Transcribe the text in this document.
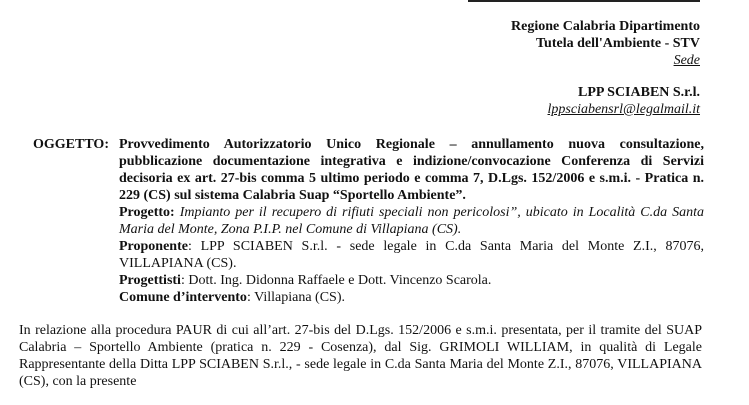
Regione Calabria Dipartimento
Tutela dell'Ambiente - STV
Sede
LPP SCIABEN S.r.l.
lppsciabensrl@legalmail.it
OGGETTO: Provvedimento Autorizzatorio Unico Regionale – annullamento nuova consultazione, pubblicazione documentazione integrativa e indizione/convocazione Conferenza di Servizi decisoria ex art. 27-bis comma 5 ultimo periodo e comma 7, D.Lgs. 152/2006 e s.m.i. - Pratica n. 229 (CS) sul sistema Calabria Suap “Sportello Ambiente”.

Progetto: Impianto per il recupero di rifiuti speciali non pericolosi”, ubicato in Località C.da Santa Maria del Monte, Zona P.I.P. nel Comune di Villapiana (CS).

Proponente: LPP SCIABEN S.r.l. - sede legale in C.da Santa Maria del Monte Z.I., 87076, VILLAPIANA (CS).

Progettisti: Dott. Ing. Didonna Raffaele e Dott. Vincenzo Scarola.

Comune d’intervento: Villapiana (CS).

In relazione alla procedura PAUR di cui all’art. 27-bis del D.Lgs. 152/2006 e s.m.i. presentata, per il tramite del SUAP Calabria – Sportello Ambiente (pratica n. 229 - Cosenza), dal Sig. GRIMOLI WILLIAM, in qualità di Legale Rappresentante della Ditta LPP SCIABEN S.r.l., - sede legale in C.da Santa Maria del Monte Z.I., 87076, VILLAPIANA (CS), con la presente
